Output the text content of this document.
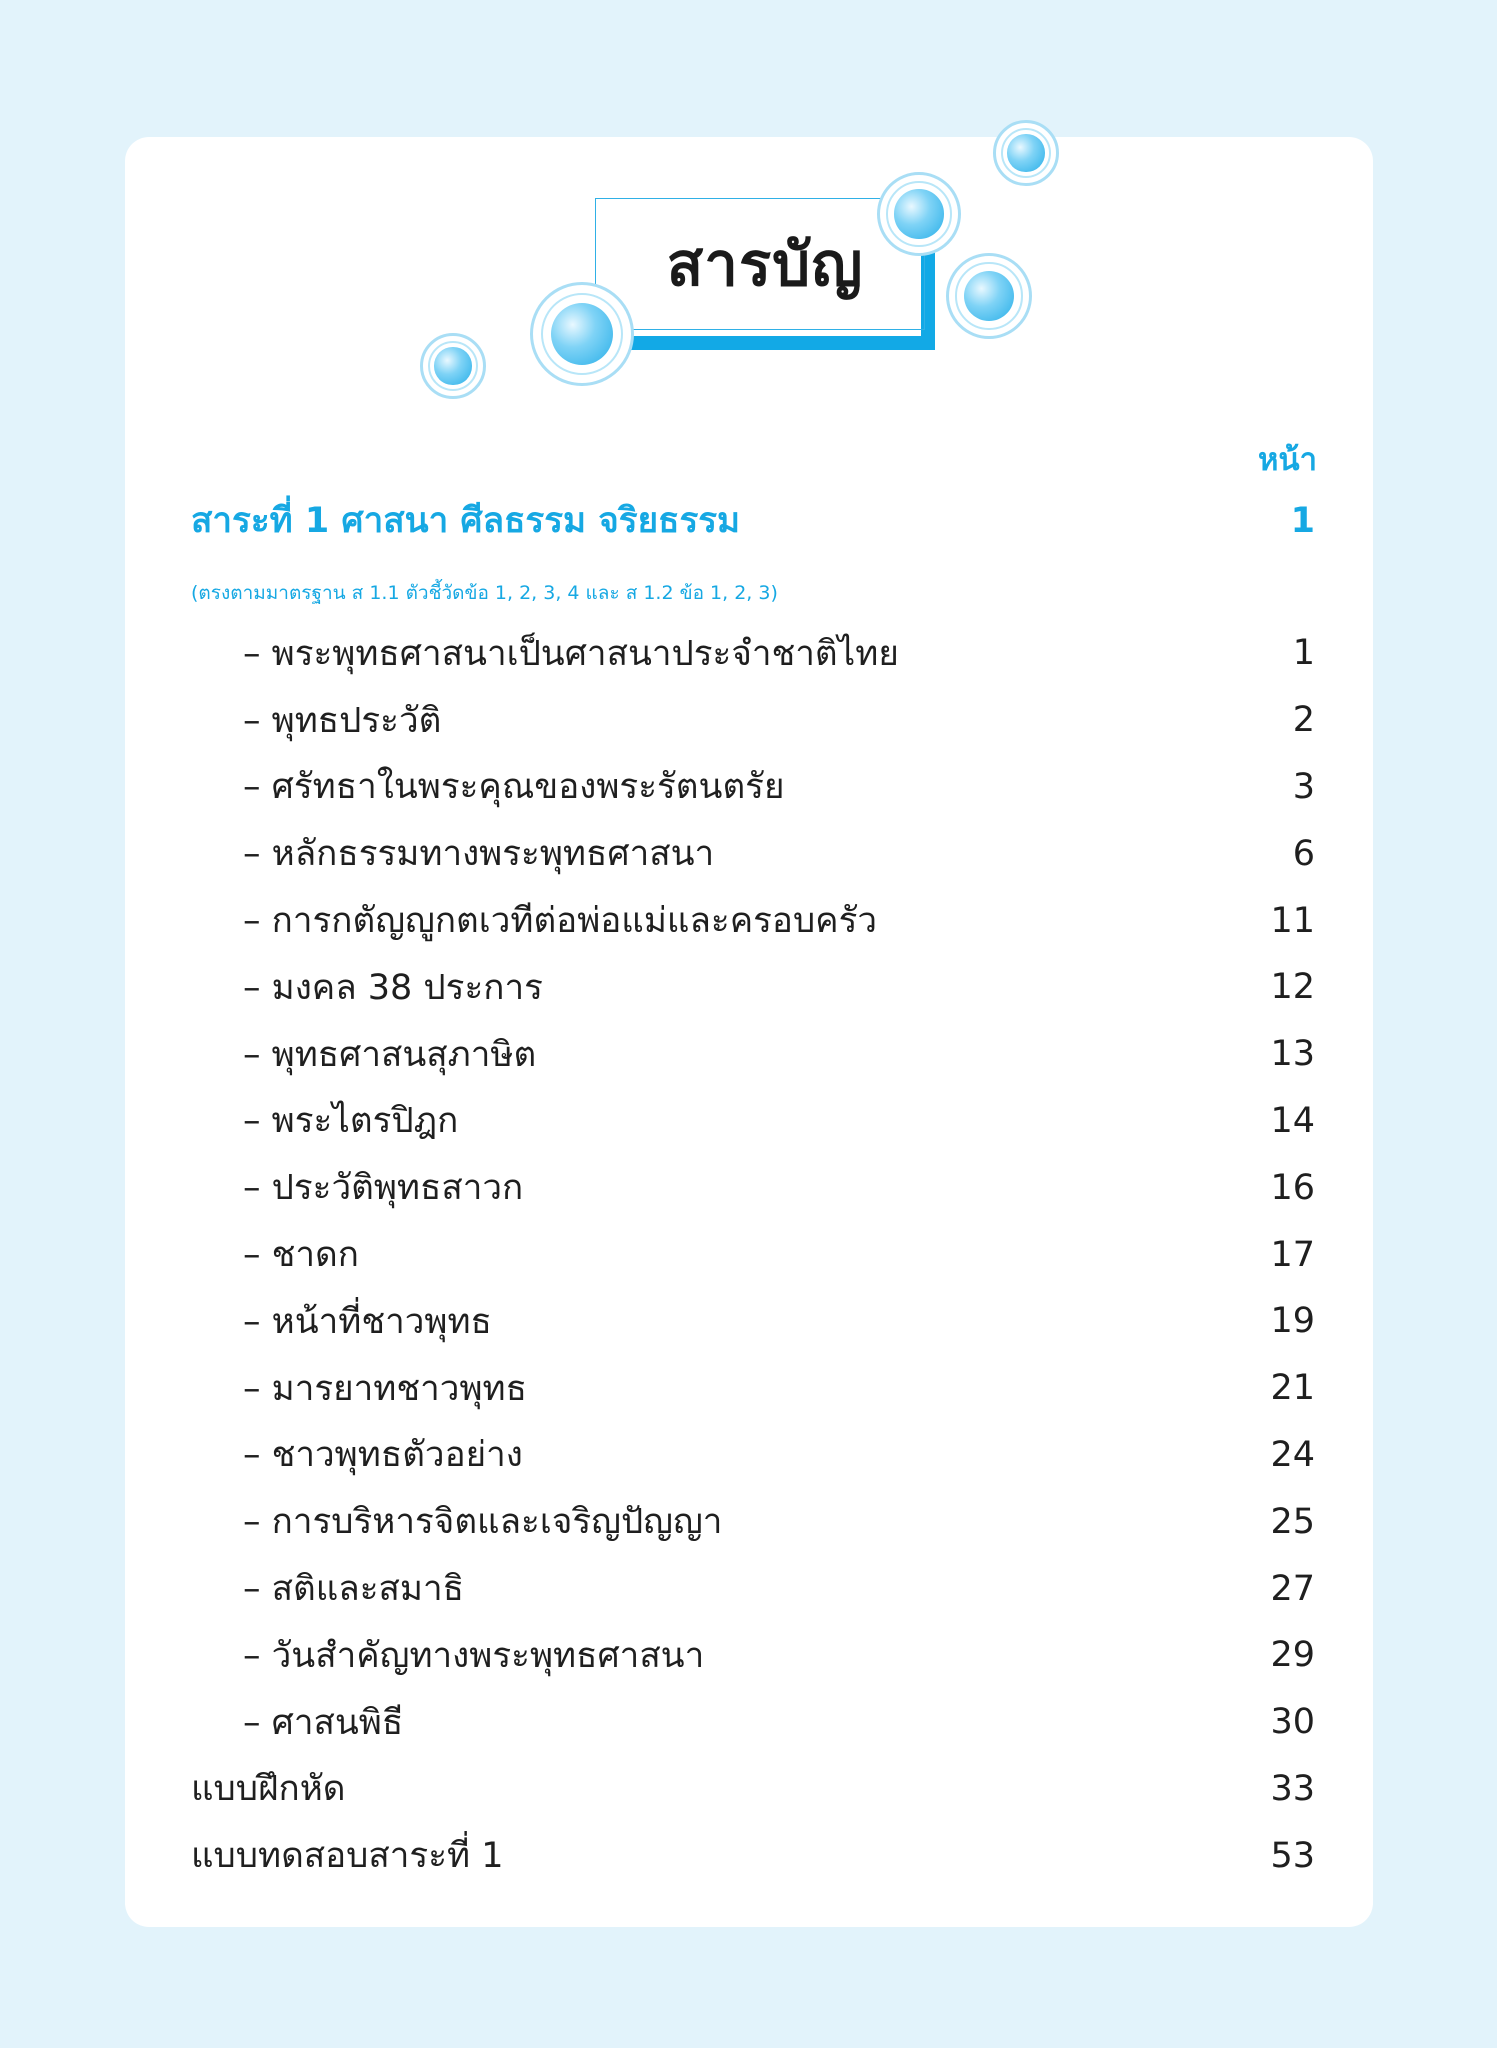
สารบัญ
หน้า
สาระที่ 1 ศาสนา ศีลธรรม จริยธรรม	1
(ตรงตามมาตรฐาน ส 1.1 ตัวชี้วัดข้อ 1, 2, 3, 4 และ ส 1.2 ข้อ 1, 2, 3)
– พระพุทธศาสนาเป็นศาสนาประจำชาติไทย	1
– พุทธประวัติ	2
– ศรัทธาในพระคุณของพระรัตนตรัย	3
– หลักธรรมทางพระพุทธศาสนา	6
– การกตัญญูกตเวทีต่อพ่อแม่และครอบครัว	11
– มงคล 38 ประการ	12
– พุทธศาสนสุภาษิต	13
– พระไตรปิฎก	14
– ประวัติพุทธสาวก	16
– ชาดก	17
– หน้าที่ชาวพุทธ	19
– มารยาทชาวพุทธ	21
– ชาวพุทธตัวอย่าง	24
– การบริหารจิตและเจริญปัญญา	25
– สติและสมาธิ	27
– วันสำคัญทางพระพุทธศาสนา	29
– ศาสนพิธี	30
แบบฝึกหัด	33
แบบทดสอบสาระที่ 1	53
